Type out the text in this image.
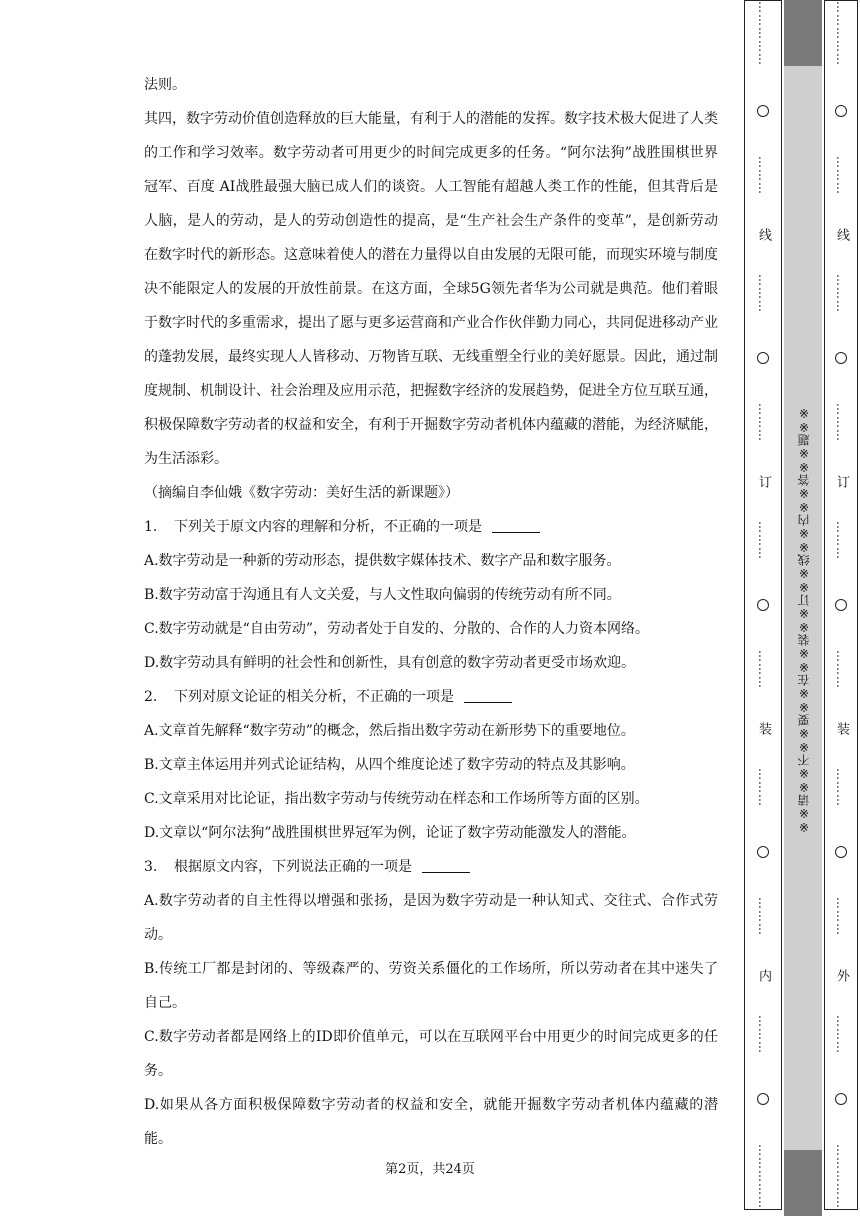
法则。

其四，数字劳动价值创造释放的巨大能量，有利于人的潜能的发挥。数字技术极大促进了人类的工作和学习效率。数字劳动者可用更少的时间完成更多的任务。“阿尔法狗”战胜围棋世界冠军、百度 AI战胜最强大脑已成人们的谈资。人工智能有超越人类工作的性能，但其背后是人脑，是人的劳动，是人的劳动创造性的提高，是“生产社会生产条件的变革”，是创新劳动在数字时代的新形态。这意味着使人的潜在力量得以自由发展的无限可能，而现实环境与制度决不能限定人的发展的开放性前景。在这方面，全球5G领先者华为公司就是典范。他们着眼于数字时代的多重需求，提出了愿与更多运营商和产业合作伙伴勤力同心，共同促进移动产业的蓬勃发展，最终实现人人皆移动、万物皆互联、无线重塑全行业的美好愿景。因此，通过制度规制、机制设计、社会治理及应用示范，把握数字经济的发展趋势，促进全方位互联互通，积极保障数字劳动者的权益和安全，有利于开掘数字劳动者机体内蕴藏的潜能，为经济赋能，为生活添彩。

（摘编自李仙娥《数字劳动：美好生活的新课题》）

1. 下列关于原文内容的理解和分析，不正确的一项是

A.数字劳动是一种新的劳动形态，提供数字媒体技术、数字产品和数字服务。

B.数字劳动富于沟通且有人文关爱，与人文性取向偏弱的传统劳动有所不同。

C.数字劳动就是“自由劳动”，劳动者处于自发的、分散的、合作的人力资本网络。

D.数字劳动具有鲜明的社会性和创新性，具有创意的数字劳动者更受市场欢迎。

2. 下列对原文论证的相关分析，不正确的一项是

A.文章首先解释“数字劳动”的概念，然后指出数字劳动在新形势下的重要地位。

B.文章主体运用并列式论证结构，从四个维度论述了数字劳动的特点及其影响。

C.文章采用对比论证，指出数字劳动与传统劳动在样态和工作场所等方面的区别。

D.文章以“阿尔法狗”战胜围棋世界冠军为例，论证了数字劳动能激发人的潜能。

3. 根据原文内容，下列说法正确的一项是

A.数字劳动者的自主性得以增强和张扬，是因为数字劳动是一种认知式、交往式、合作式劳动。

B.传统工厂都是封闭的、等级森严的、劳资关系僵化的工作场所，所以劳动者在其中迷失了自己。

C.数字劳动者都是网络上的ID即价值单元，可以在互联网平台中用更少的时间完成更多的任务。

D.如果从各方面积极保障数字劳动者的权益和安全，就能开掘数字劳动者机体内蕴藏的潜能。

第2页，共24页
※※请※※不※※要※※在※※装※※订※※线※※内※※答※※题※※
……………
………
线
………
………
订
………
………
装
………
………
内
………
……………
……………
………
线
………
………
订
………
………
装
………
………
外
………
……………
